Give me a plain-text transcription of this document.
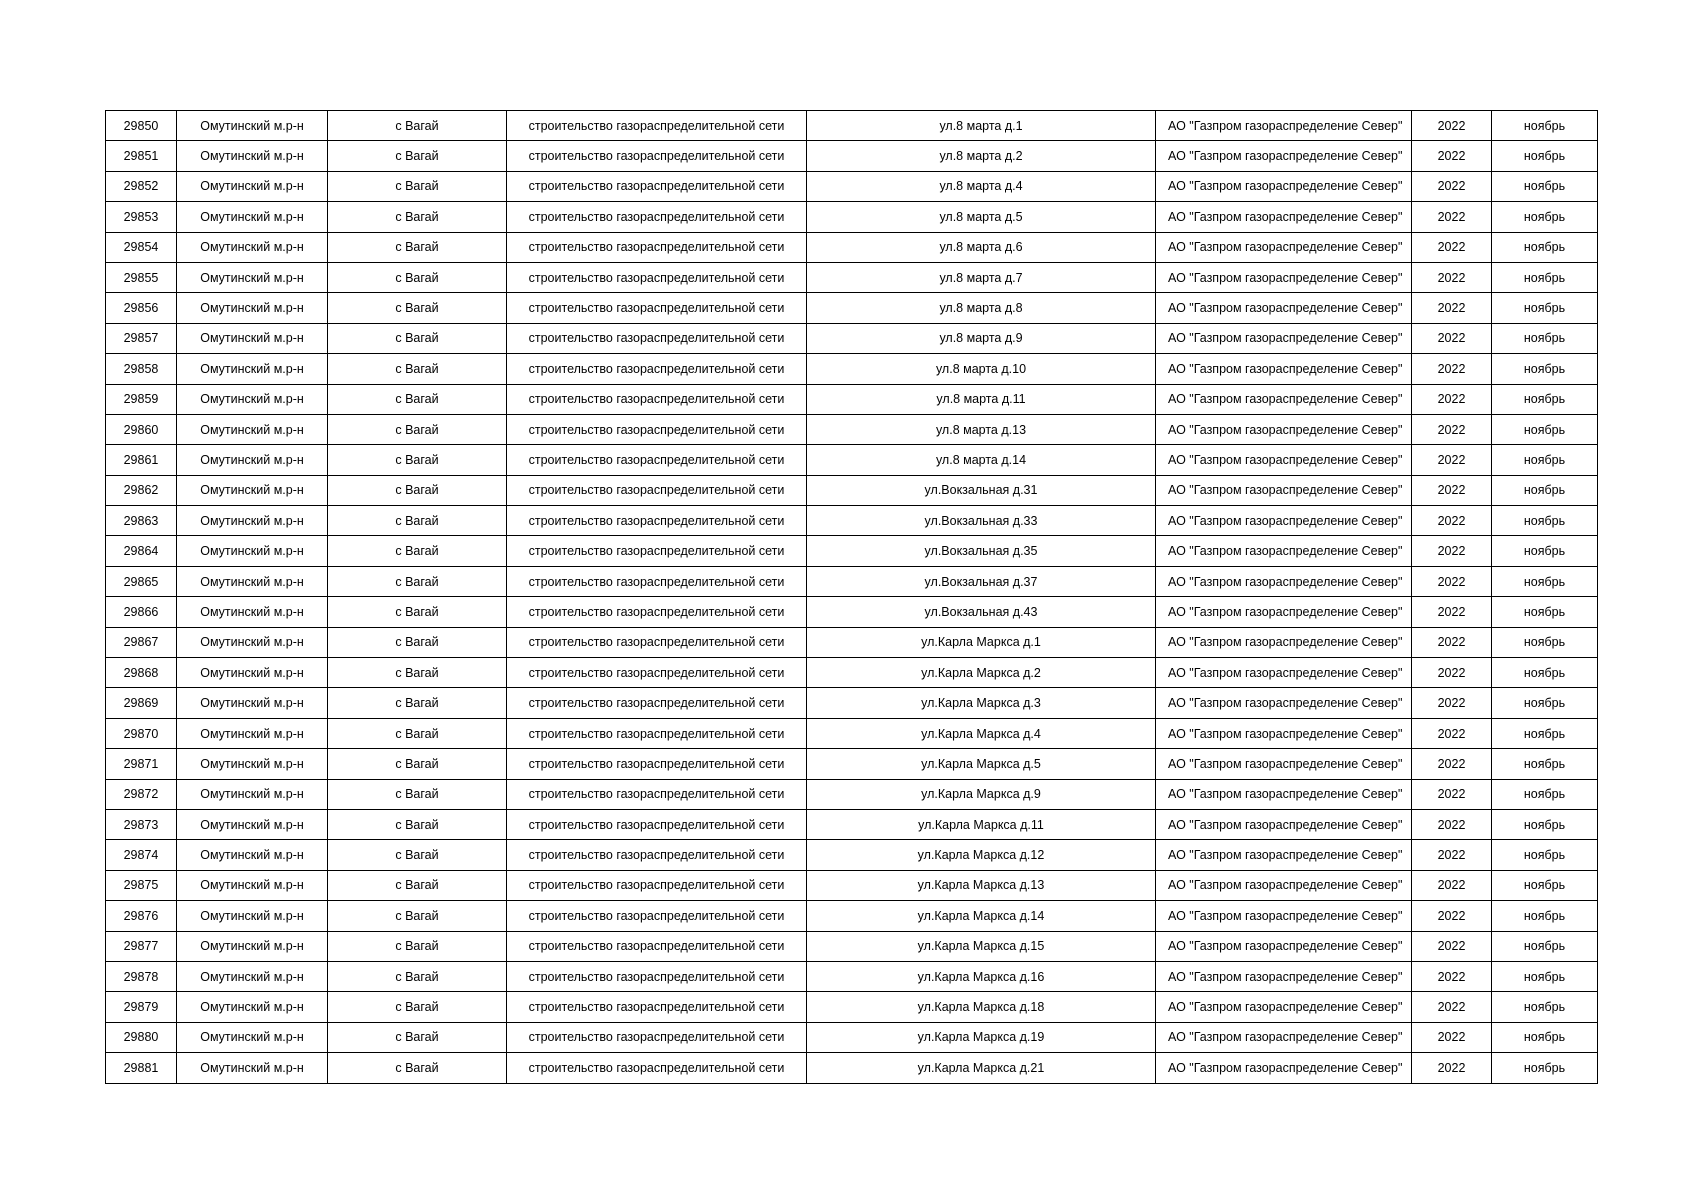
29850	Омутинский м.р-н	с Вагай	строительство газораспределительной сети	ул.8 марта д.1	АО "Газпром газораспределение Север"	2022	ноябрь
29851	Омутинский м.р-н	с Вагай	строительство газораспределительной сети	ул.8 марта д.2	АО "Газпром газораспределение Север"	2022	ноябрь
29852	Омутинский м.р-н	с Вагай	строительство газораспределительной сети	ул.8 марта д.4	АО "Газпром газораспределение Север"	2022	ноябрь
29853	Омутинский м.р-н	с Вагай	строительство газораспределительной сети	ул.8 марта д.5	АО "Газпром газораспределение Север"	2022	ноябрь
29854	Омутинский м.р-н	с Вагай	строительство газораспределительной сети	ул.8 марта д.6	АО "Газпром газораспределение Север"	2022	ноябрь
29855	Омутинский м.р-н	с Вагай	строительство газораспределительной сети	ул.8 марта д.7	АО "Газпром газораспределение Север"	2022	ноябрь
29856	Омутинский м.р-н	с Вагай	строительство газораспределительной сети	ул.8 марта д.8	АО "Газпром газораспределение Север"	2022	ноябрь
29857	Омутинский м.р-н	с Вагай	строительство газораспределительной сети	ул.8 марта д.9	АО "Газпром газораспределение Север"	2022	ноябрь
29858	Омутинский м.р-н	с Вагай	строительство газораспределительной сети	ул.8 марта д.10	АО "Газпром газораспределение Север"	2022	ноябрь
29859	Омутинский м.р-н	с Вагай	строительство газораспределительной сети	ул.8 марта д.11	АО "Газпром газораспределение Север"	2022	ноябрь
29860	Омутинский м.р-н	с Вагай	строительство газораспределительной сети	ул.8 марта д.13	АО "Газпром газораспределение Север"	2022	ноябрь
29861	Омутинский м.р-н	с Вагай	строительство газораспределительной сети	ул.8 марта д.14	АО "Газпром газораспределение Север"	2022	ноябрь
29862	Омутинский м.р-н	с Вагай	строительство газораспределительной сети	ул.Вокзальная д.31	АО "Газпром газораспределение Север"	2022	ноябрь
29863	Омутинский м.р-н	с Вагай	строительство газораспределительной сети	ул.Вокзальная д.33	АО "Газпром газораспределение Север"	2022	ноябрь
29864	Омутинский м.р-н	с Вагай	строительство газораспределительной сети	ул.Вокзальная д.35	АО "Газпром газораспределение Север"	2022	ноябрь
29865	Омутинский м.р-н	с Вагай	строительство газораспределительной сети	ул.Вокзальная д.37	АО "Газпром газораспределение Север"	2022	ноябрь
29866	Омутинский м.р-н	с Вагай	строительство газораспределительной сети	ул.Вокзальная д.43	АО "Газпром газораспределение Север"	2022	ноябрь
29867	Омутинский м.р-н	с Вагай	строительство газораспределительной сети	ул.Карла Маркса д.1	АО "Газпром газораспределение Север"	2022	ноябрь
29868	Омутинский м.р-н	с Вагай	строительство газораспределительной сети	ул.Карла Маркса д.2	АО "Газпром газораспределение Север"	2022	ноябрь
29869	Омутинский м.р-н	с Вагай	строительство газораспределительной сети	ул.Карла Маркса д.3	АО "Газпром газораспределение Север"	2022	ноябрь
29870	Омутинский м.р-н	с Вагай	строительство газораспределительной сети	ул.Карла Маркса д.4	АО "Газпром газораспределение Север"	2022	ноябрь
29871	Омутинский м.р-н	с Вагай	строительство газораспределительной сети	ул.Карла Маркса д.5	АО "Газпром газораспределение Север"	2022	ноябрь
29872	Омутинский м.р-н	с Вагай	строительство газораспределительной сети	ул.Карла Маркса д.9	АО "Газпром газораспределение Север"	2022	ноябрь
29873	Омутинский м.р-н	с Вагай	строительство газораспределительной сети	ул.Карла Маркса д.11	АО "Газпром газораспределение Север"	2022	ноябрь
29874	Омутинский м.р-н	с Вагай	строительство газораспределительной сети	ул.Карла Маркса д.12	АО "Газпром газораспределение Север"	2022	ноябрь
29875	Омутинский м.р-н	с Вагай	строительство газораспределительной сети	ул.Карла Маркса д.13	АО "Газпром газораспределение Север"	2022	ноябрь
29876	Омутинский м.р-н	с Вагай	строительство газораспределительной сети	ул.Карла Маркса д.14	АО "Газпром газораспределение Север"	2022	ноябрь
29877	Омутинский м.р-н	с Вагай	строительство газораспределительной сети	ул.Карла Маркса д.15	АО "Газпром газораспределение Север"	2022	ноябрь
29878	Омутинский м.р-н	с Вагай	строительство газораспределительной сети	ул.Карла Маркса д.16	АО "Газпром газораспределение Север"	2022	ноябрь
29879	Омутинский м.р-н	с Вагай	строительство газораспределительной сети	ул.Карла Маркса д.18	АО "Газпром газораспределение Север"	2022	ноябрь
29880	Омутинский м.р-н	с Вагай	строительство газораспределительной сети	ул.Карла Маркса д.19	АО "Газпром газораспределение Север"	2022	ноябрь
29881	Омутинский м.р-н	с Вагай	строительство газораспределительной сети	ул.Карла Маркса д.21	АО "Газпром газораспределение Север"	2022	ноябрь
